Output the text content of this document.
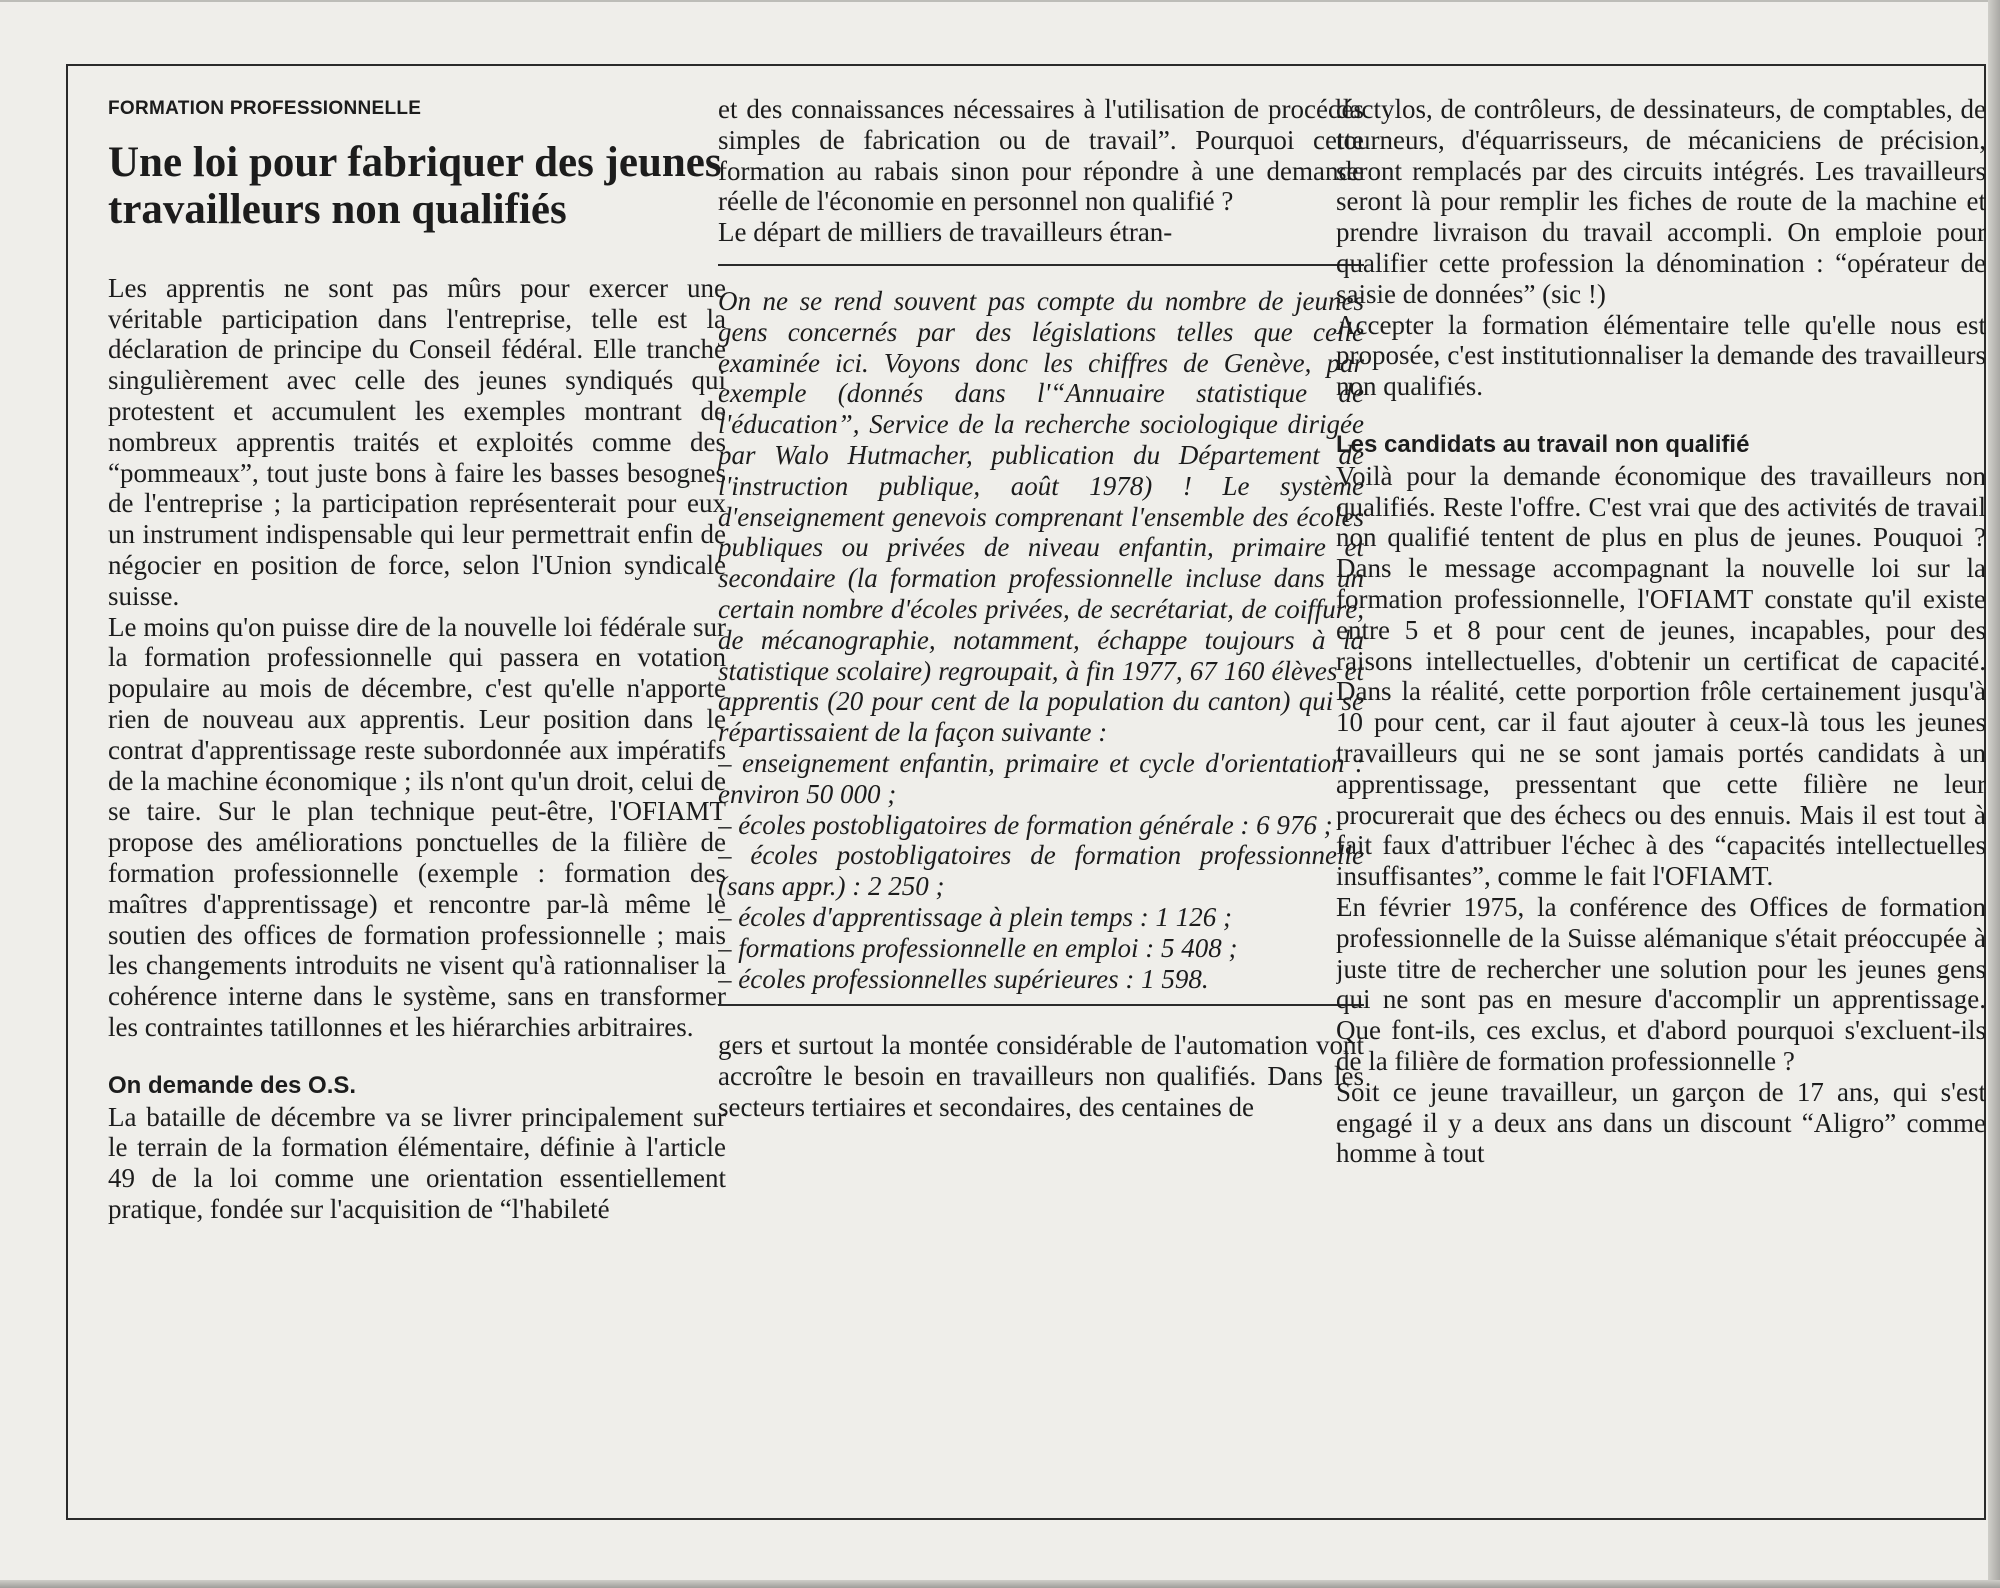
FORMATION PROFESSIONNELLE
Une loi pour fabriquer des jeunes travailleurs non qualifiés

Les apprentis ne sont pas mûrs pour exercer une véritable participation dans l'entreprise, telle est la déclaration de principe du Conseil fédéral. Elle tranche singulièrement avec celle des jeunes syndiqués qui protestent et accumulent les exemples montrant de nombreux apprentis traités et exploités comme des “pommeaux”, tout juste bons à faire les basses besognes de l'entreprise ; la participation représenterait pour eux un instrument indispensable qui leur permettrait enfin de négocier en position de force, selon l'Union syndicale suisse.

Le moins qu'on puisse dire de la nouvelle loi fédérale sur la formation professionnelle qui passera en votation populaire au mois de décembre, c'est qu'elle n'apporte rien de nouveau aux apprentis. Leur position dans le contrat d'apprentissage reste subordonnée aux impératifs de la machine économique ; ils n'ont qu'un droit, celui de se taire. Sur le plan technique peut-être, l'OFIAMT propose des améliorations ponctuelles de la filière de formation professionnelle (exemple : formation des maîtres d'apprentissage) et rencontre par-là même le soutien des offices de formation professionnelle ; mais les changements introduits ne visent qu'à rationnaliser la cohérence interne dans le système, sans en transformer les contraintes tatillonnes et les hiérarchies arbitraires.

On demande des O.S.

La bataille de décembre va se livrer principalement sur le terrain de la formation élémentaire, définie à l'article 49 de la loi comme une orientation essentiellement pratique, fondée sur l'acquisition de “l'habileté

et des connaissances nécessaires à l'utilisation de procédés simples de fabrication ou de travail”. Pourquoi cette formation au rabais sinon pour répondre à une demande réelle de l'économie en personnel non qualifié ?

Le départ de milliers de travailleurs étran-

On ne se rend souvent pas compte du nombre de jeunes gens concernés par des législations telles que celle examinée ici. Voyons donc les chiffres de Genève, par exemple (donnés dans l'“Annuaire statistique de l'éducation”, Service de la recherche sociologique dirigée par Walo Hutmacher, publication du Département de l'instruction publique, août 1978) ! Le système d'enseignement genevois comprenant l'ensemble des écoles publiques ou privées de niveau enfantin, primaire et secondaire (la formation professionnelle incluse dans un certain nombre d'écoles privées, de secrétariat, de coiffure, de mécanographie, notamment, échappe toujours à la statistique scolaire) regroupait, à fin 1977, 67 160 élèves et apprentis (20 pour cent de la population du canton) qui se répartissaient de la façon suivante :

– enseignement enfantin, primaire et cycle d'orientation : environ 50 000 ;

– écoles postobligatoires de formation générale : 6 976 ;

– écoles postobligatoires de formation professionnelle (sans appr.) : 2 250 ;

– écoles d'apprentissage à plein temps : 1 126 ;

– formations professionnelle en emploi : 5 408 ;

– écoles professionnelles supérieures : 1 598.

gers et surtout la montée considérable de l'automation vont accroître le besoin en travailleurs non qualifiés. Dans les secteurs tertiaires et secondaires, des centaines de

dactylos, de contrôleurs, de dessinateurs, de comptables, de tourneurs, d'équarrisseurs, de mécaniciens de précision, seront remplacés par des circuits intégrés. Les travailleurs seront là pour remplir les fiches de route de la machine et prendre livraison du travail accompli. On emploie pour qualifier cette profession la dénomination : “opérateur de saisie de données” (sic !)

Accepter la formation élémentaire telle qu'elle nous est proposée, c'est institutionnaliser la demande des travailleurs non qualifiés.

Les candidats au travail non qualifié

Voilà pour la demande économique des travailleurs non qualifiés. Reste l'offre. C'est vrai que des activités de travail non qualifié tentent de plus en plus de jeunes. Pouquoi ? Dans le message accompagnant la nouvelle loi sur la formation professionnelle, l'OFIAMT constate qu'il existe entre 5 et 8 pour cent de jeunes, incapables, pour des raisons intellectuelles, d'obtenir un certificat de capacité. Dans la réalité, cette porportion frôle certainement jusqu'à 10 pour cent, car il faut ajouter à ceux-là tous les jeunes travailleurs qui ne se sont jamais portés candidats à un apprentissage, pressentant que cette filière ne leur procurerait que des échecs ou des ennuis. Mais il est tout à fait faux d'attribuer l'échec à des “capacités intellectuelles insuffisantes”, comme le fait l'OFIAMT.

En février 1975, la conférence des Offices de formation professionnelle de la Suisse alémanique s'était préoccupée à juste titre de rechercher une solution pour les jeunes gens qui ne sont pas en mesure d'accomplir un apprentissage. Que font-ils, ces exclus, et d'abord pourquoi s'excluent-ils de la filière de formation professionnelle ?

Soit ce jeune travailleur, un garçon de 17 ans, qui s'est engagé il y a deux ans dans un discount “Aligro” comme homme à tout
